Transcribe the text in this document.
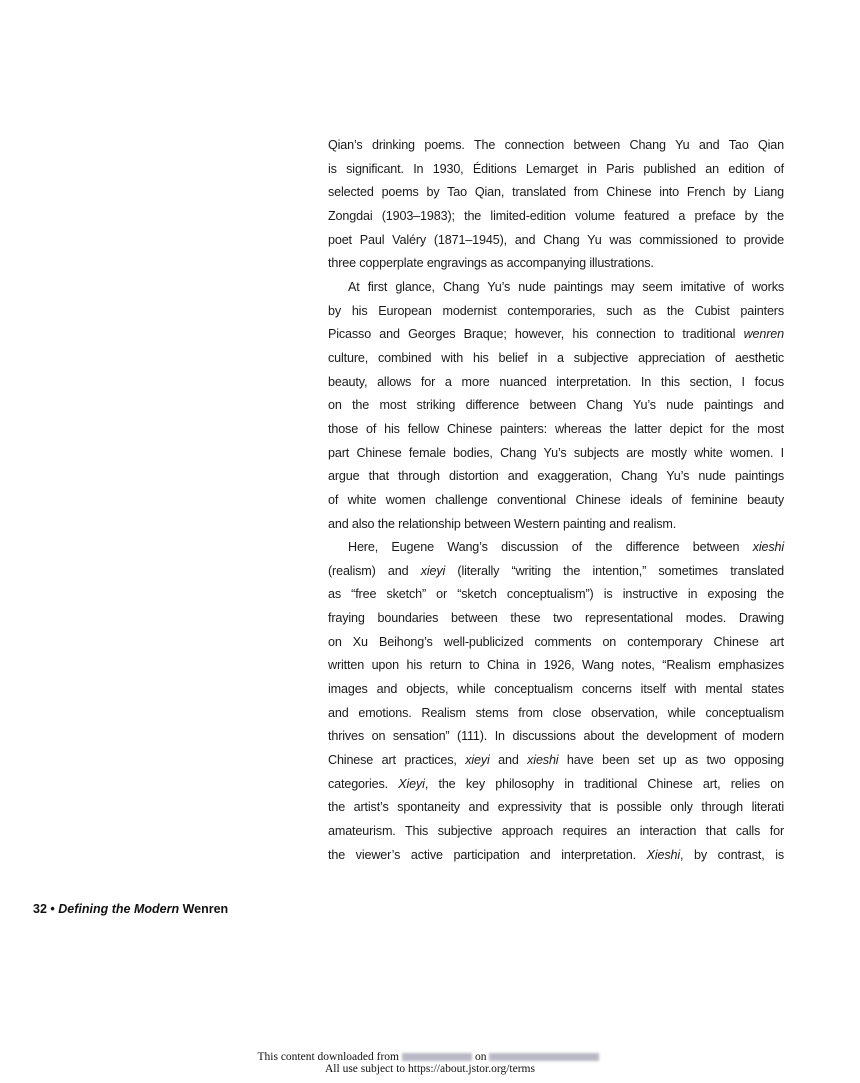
Qian’s drinking poems. The connection between Chang Yu and Tao Qian
is significant. In 1930, Éditions Lemarget in Paris published an edition of
selected poems by Tao Qian, translated from Chinese into French by Liang
Zongdai (1903–1983); the limited-edition volume featured a preface by the
poet Paul Valéry (1871–1945), and Chang Yu was commissioned to provide
three copperplate engravings as accompanying illustrations.
At first glance, Chang Yu’s nude paintings may seem imitative of works
by his European modernist contemporaries, such as the Cubist painters
Picasso and Georges Braque; however, his connection to traditional wenren
culture, combined with his belief in a subjective appreciation of aesthetic
beauty, allows for a more nuanced interpretation. In this section, I focus
on the most striking difference between Chang Yu’s nude paintings and
those of his fellow Chinese painters: whereas the latter depict for the most
part Chinese female bodies, Chang Yu’s subjects are mostly white women. I
argue that through distortion and exaggeration, Chang Yu’s nude paintings
of white women challenge conventional Chinese ideals of feminine beauty
and also the relationship between Western painting and realism.
Here, Eugene Wang’s discussion of the difference between xieshi
(realism) and xieyi (literally “writing the intention,” sometimes translated
as “free sketch” or “sketch conceptualism”) is instructive in exposing the
fraying boundaries between these two representational modes. Drawing
on Xu Beihong’s well-publicized comments on contemporary Chinese art
written upon his return to China in 1926, Wang notes, “Realism emphasizes
images and objects, while conceptualism concerns itself with mental states
and emotions. Realism stems from close observation, while conceptualism
thrives on sensation” (111). In discussions about the development of modern
Chinese art practices, xieyi and xieshi have been set up as two opposing
categories. Xieyi, the key philosophy in traditional Chinese art, relies on
the artist’s spontaneity and expressivity that is possible only through literati
amateurism. This subjective approach requires an interaction that calls for
the viewer’s active participation and interpretation. Xieshi, by contrast, is
32 • Defining the Modern Wenren
This content downloaded from	on
All use subject to https://about.jstor.org/terms
